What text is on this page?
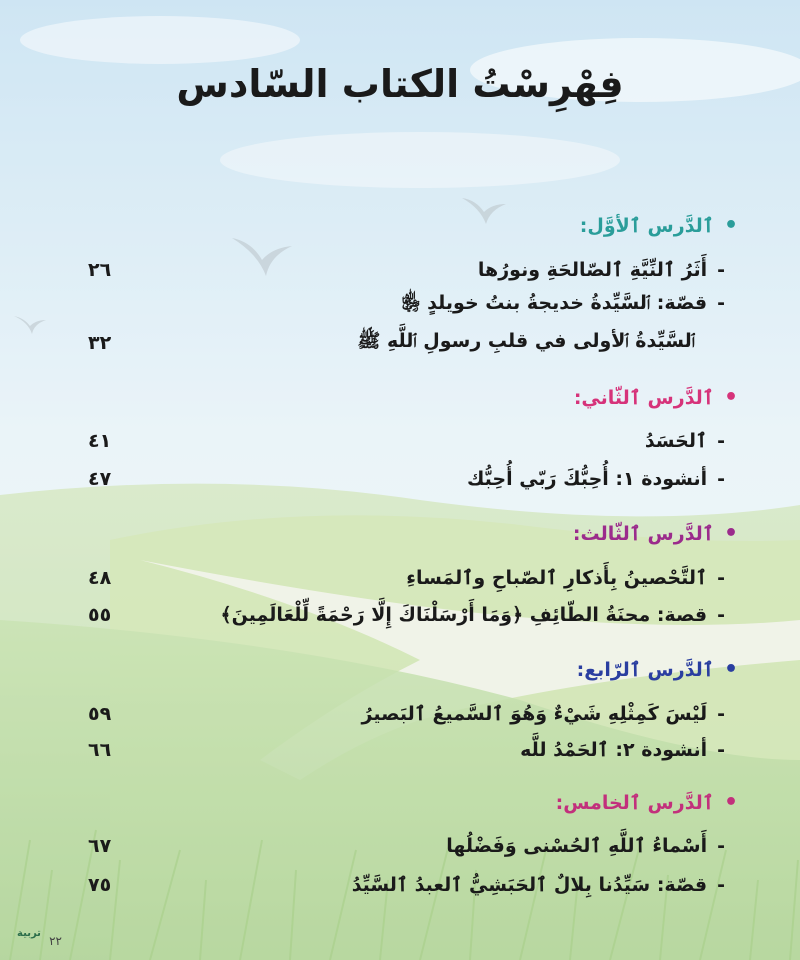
فِهْرِسْتُ الكتاب السّادس
•
ٱلدَّرس ٱلأوَّل:
-أَثَرُ ٱلنِّيَّةِ ٱلصّالحَةِ ونورُها
٢٦
-قصّة: ٱلسَّيِّدةُ خديجةُ بنتُ خويلدٍ ﵂
ٱلسَّيِّدةُ ٱلأولى في قلبِ رسولِ ٱللَّهِ ﷺ
٣٢
•
ٱلدَّرس ٱلثّاني:
-ٱلحَسَدُ
٤١
-أنشودة ١: أُحِبُّكَ رَبّي أُحِبُّك
٤٧
•
ٱلدَّرس ٱلثّالث:
-ٱلتَّحْصينُ بِأَذكارِ ٱلصّباحِ وٱلمَساءِ
٤٨
-قصة: محنَةُ الطّائِفِ ﴿وَمَا أَرْسَلْنَاكَ إِلَّا رَحْمَةً لِّلْعَالَمِينَ﴾
٥٥
•
ٱلدَّرس ٱلرّابع:
-لَيْسَ كَمِثْلِهِ شَيْءٌ وَهُوَ ٱلسَّميعُ ٱلبَصيرُ
٥٩
-أنشودة ٢: ٱلحَمْدُ للَّه
٦٦
•
ٱلدَّرس ٱلخامس:
-أَسْماءُ ٱللَّهِ ٱلحُسْنى وَفَضْلُها
٦٧
-قصّة: سَيِّدُنا بِلالٌ ٱلحَبَشِيُّ ٱلعبدُ ٱلسَّيِّدُ
٧٥
تربية
٢٢
